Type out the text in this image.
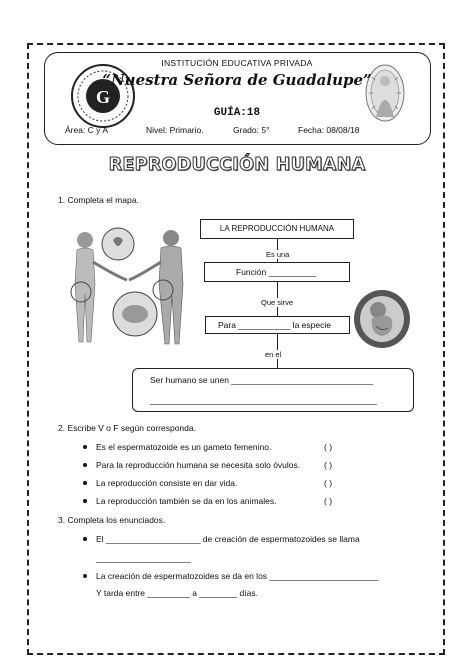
G
INSTITUCIÓN EDUCATIVA PRIVADA
“Nuestra Señora de Guadalupe”
GUÍA:18
Área: C y A	Nivel: Primario.	Grado: 5°	Fecha: 08/08/18
REPRODUCCIÓN HUMANA
1. Completa el mapa.
LA REPRODUCCIÓN HUMANA
Es una
Función __________
Que sirve
Para ___________ la especie
en el
Ser humano se unen ______________________________
________________________________________________
2. Escribe V o F según corresponda.
Es el espermatozoide es un gameto femenino.	( )
Para la reproducción humana se necesita solo óvulos.	( )
La reproducción consiste en dar vida.	( )
La reproducción también se da en los animales.	( )
3. Completa los enunciados.
El ____________________ de creación de espermatozoides se llama
____________________
La creación de espermatozoides se da en los _______________________
Y tarda entre _________ a ________ días.
